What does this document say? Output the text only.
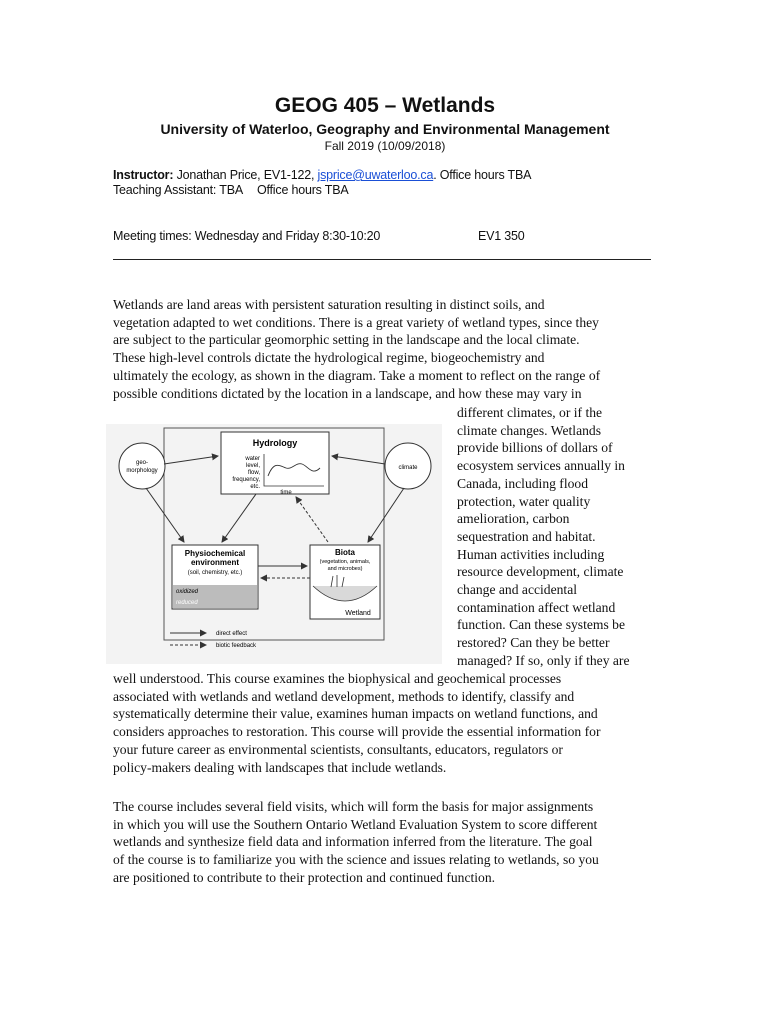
GEOG 405 – Wetlands
University of Waterloo, Geography and Environmental Management
Fall 2019 (10/09/2018)
Instructor: Jonathan Price, EV1-122, jsprice@uwaterloo.ca. Office hours TBA
Teaching Assistant: TBA Office hours TBA
Meeting times: Wednesday and Friday 8:30-10:20	EV1 350
Wetlands are land areas with persistent saturation resulting in distinct soils, and
vegetation adapted to wet conditions. There is a great variety of wetland types, since they
are subject to the particular geomorphic setting in the landscape and the local climate.
These high-level controls dictate the hydrological regime, biogeochemistry and
ultimately the ecology, as shown in the diagram. Take a moment to reflect on the range of
possible conditions dictated by the location in a landscape, and how these may vary in
different climates, or if the
climate changes. Wetlands
provide billions of dollars of
ecosystem services annually in
Canada, including flood
protection, water quality
amelioration, carbon
sequestration and habitat.
Human activities including
resource development, climate
change and accidental
contamination affect wetland
function. Can these systems be
restored? Can they be better
managed? If so, only if they are
well understood. This course examines the biophysical and geochemical processes
associated with wetlands and wetland development, methods to identify, classify and
systematically determine their value, examines human impacts on wetland functions, and
considers approaches to restoration. This course will provide the essential information for
your future career as environmental scientists, consultants, educators, regulators or
policy-makers dealing with landscapes that include wetlands.
The course includes several field visits, which will form the basis for major assignments
in which you will use the Southern Ontario Wetland Evaluation System to score different
wetlands and synthesize field data and information inferred from the literature. The goal
of the course is to familiarize you with the science and issues relating to wetlands, so you
are positioned to contribute to their protection and continued function.
Hydrology
water
level,
flow,
frequency,
etc.
time
geo-
morphology	climate
Physiochemical
environment
(soil, chemistry, etc.)
oxidized
reduced
Biota
(vegetation, animals,
and microbes)
Wetland
direct effect
biotic feedback
